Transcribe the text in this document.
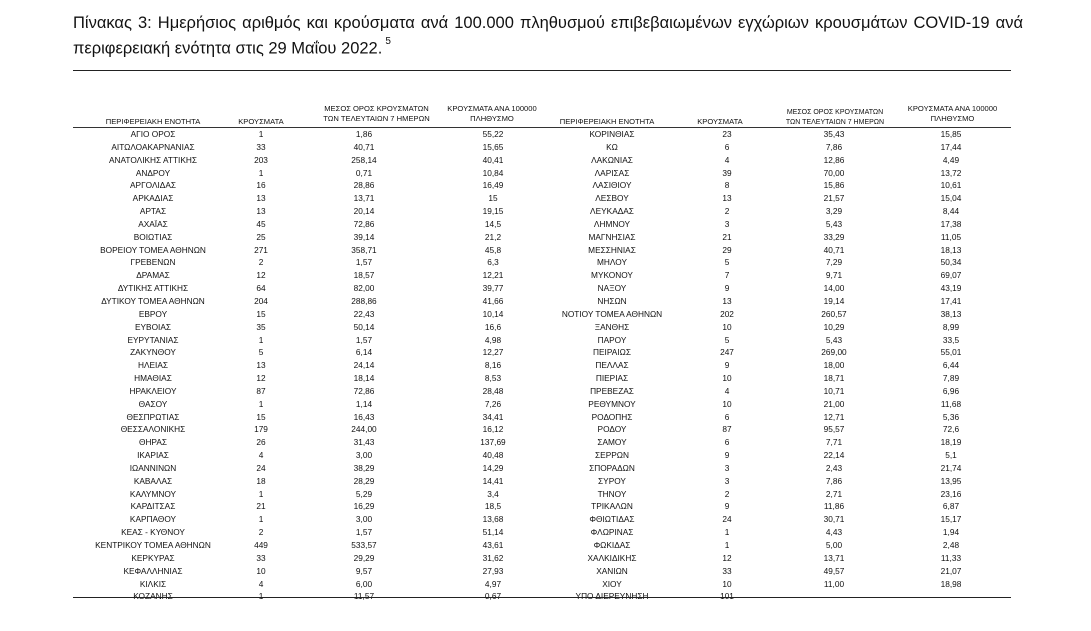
Πίνακας 3: Ημερήσιος αριθμός και κρούσματα ανά 100.000 πληθυσμού επιβεβαιωμένων εγχώριων κρουσμάτων COVID-19 ανά περιφερειακή ενότητα στις 29 Μαΐου 2022. $^5$
ΠΕΡΙΦΕΡΕΙΑΚΗ ΕΝΟΤΗΤΑ	ΚΡΟΥΣΜΑΤΑ
ΜΕΣΟΣ ΟΡΟΣ ΚΡΟΥΣΜΑΤΩΝ
ΤΩΝ ΤΕΛΕΥΤΑΙΩΝ 7 ΗΜΕΡΩΝ
ΚΡΟΥΣΜΑΤΑ ΑΝΑ 100000
ΠΛΗΘΥΣΜΟ	ΠΕΡΙΦΕΡΕΙΑΚΗ ΕΝΟΤΗΤΑ	ΚΡΟΥΣΜΑΤΑ
ΜΕΣΟΣ ΟΡΟΣ ΚΡΟΥΣΜΑΤΩΝ
ΤΩΝ ΤΕΛΕΥΤΑΙΩΝ 7 ΗΜΕΡΩΝ
ΚΡΟΥΣΜΑΤΑ ΑΝΑ 100000
ΠΛΗΘΥΣΜΟ
ΑΓΙΟ ΟΡΟΣ	1	1,86	55,22	ΚΟΡΙΝΘΙΑΣ	23	35,43	15,85
ΑΙΤΩΛΟΑΚΑΡΝΑΝΙΑΣ	33	40,71	15,65	ΚΩ	6	7,86	17,44
ΑΝΑΤΟΛΙΚΗΣ ΑΤΤΙΚΗΣ	203	258,14	40,41	ΛΑΚΩΝΙΑΣ	4	12,86	4,49
ΑΝΔΡΟΥ	1	0,71	10,84	ΛΑΡΙΣΑΣ	39	70,00	13,72
ΑΡΓΟΛΙΔΑΣ	16	28,86	16,49	ΛΑΣΙΘΙΟΥ	8	15,86	10,61
ΑΡΚΑΔΙΑΣ	13	13,71	15	ΛΕΣΒΟΥ	13	21,57	15,04
ΑΡΤΑΣ	13	20,14	19,15	ΛΕΥΚΑΔΑΣ	2	3,29	8,44
ΑΧΑΪΑΣ	45	72,86	14,5	ΛΗΜΝΟΥ	3	5,43	17,38
ΒΟΙΩΤΙΑΣ	25	39,14	21,2	ΜΑΓΝΗΣΙΑΣ	21	33,29	11,05
ΒΟΡΕΙΟΥ ΤΟΜΕΑ ΑΘΗΝΩΝ	271	358,71	45,8	ΜΕΣΣΗΝΙΑΣ	29	40,71	18,13
ΓΡΕΒΕΝΩΝ	2	1,57	6,3	ΜΗΛΟΥ	5	7,29	50,34
ΔΡΑΜΑΣ	12	18,57	12,21	ΜΥΚΟΝΟΥ	7	9,71	69,07
ΔΥΤΙΚΗΣ ΑΤΤΙΚΗΣ	64	82,00	39,77	ΝΑΞΟΥ	9	14,00	43,19
ΔΥΤΙΚΟΥ ΤΟΜΕΑ ΑΘΗΝΩΝ	204	288,86	41,66	ΝΗΣΩΝ	13	19,14	17,41
ΕΒΡΟΥ	15	22,43	10,14	ΝΟΤΙΟΥ ΤΟΜΕΑ ΑΘΗΝΩΝ	202	260,57	38,13
ΕΥΒΟΙΑΣ	35	50,14	16,6	ΞΑΝΘΗΣ	10	10,29	8,99
ΕΥΡΥΤΑΝΙΑΣ	1	1,57	4,98	ΠΑΡΟΥ	5	5,43	33,5
ΖΑΚΥΝΘΟΥ	5	6,14	12,27	ΠΕΙΡΑΙΩΣ	247	269,00	55,01
ΗΛΕΙΑΣ	13	24,14	8,16	ΠΕΛΛΑΣ	9	18,00	6,44
ΗΜΑΘΙΑΣ	12	18,14	8,53	ΠΙΕΡΙΑΣ	10	18,71	7,89
ΗΡΑΚΛΕΙΟΥ	87	72,86	28,48	ΠΡΕΒΕΖΑΣ	4	10,71	6,96
ΘΑΣΟΥ	1	1,14	7,26	ΡΕΘΥΜΝΟΥ	10	21,00	11,68
ΘΕΣΠΡΩΤΙΑΣ	15	16,43	34,41	ΡΟΔΟΠΗΣ	6	12,71	5,36
ΘΕΣΣΑΛΟΝΙΚΗΣ	179	244,00	16,12	ΡΟΔΟΥ	87	95,57	72,6
ΘΗΡΑΣ	26	31,43	137,69	ΣΑΜΟΥ	6	7,71	18,19
ΙΚΑΡΙΑΣ	4	3,00	40,48	ΣΕΡΡΩΝ	9	22,14	5,1
ΙΩΑΝΝΙΝΩΝ	24	38,29	14,29	ΣΠΟΡΑΔΩΝ	3	2,43	21,74
ΚΑΒΑΛΑΣ	18	28,29	14,41	ΣΥΡΟΥ	3	7,86	13,95
ΚΑΛΥΜΝΟΥ	1	5,29	3,4	ΤΗΝΟΥ	2	2,71	23,16
ΚΑΡΔΙΤΣΑΣ	21	16,29	18,5	ΤΡΙΚΑΛΩΝ	9	11,86	6,87
ΚΑΡΠΑΘΟΥ	1	3,00	13,68	ΦΘΙΩΤΙΔΑΣ	24	30,71	15,17
ΚΕΑΣ - ΚΥΘΝΟΥ	2	1,57	51,14	ΦΛΩΡΙΝΑΣ	1	4,43	1,94
ΚΕΝΤΡΙΚΟΥ ΤΟΜΕΑ ΑΘΗΝΩΝ	449	533,57	43,61	ΦΩΚΙΔΑΣ	1	5,00	2,48
ΚΕΡΚΥΡΑΣ	33	29,29	31,62	ΧΑΛΚΙΔΙΚΗΣ	12	13,71	11,33
ΚΕΦΑΛΛΗΝΙΑΣ	10	9,57	27,93	ΧΑΝΙΩΝ	33	49,57	21,07
ΚΙΛΚΙΣ	4	6,00	4,97	ΧΙΟΥ	10	11,00	18,98
ΚΟΖΑΝΗΣ	1	11,57	0,67	ΥΠΟ ΔΙΕΡΕΥΝΗΣΗ	101		
